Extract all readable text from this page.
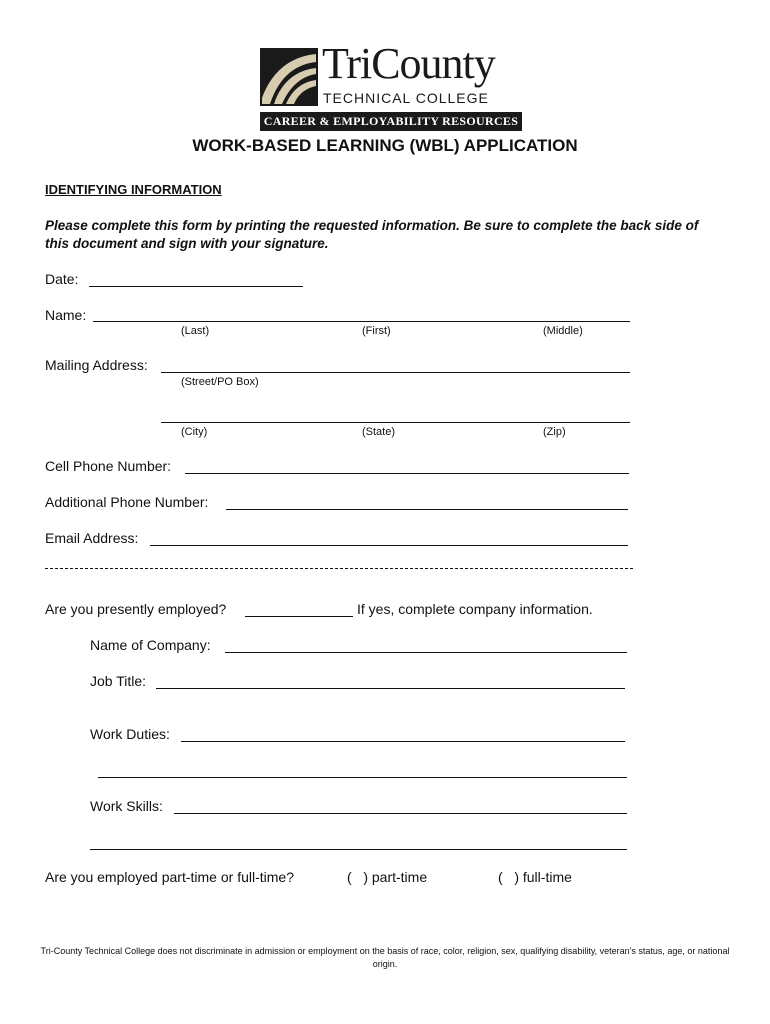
TriCounty
TECHNICAL COLLEGE
CAREER & EMPLOYABILITY RESOURCES
WORK-BASED LEARNING (WBL) APPLICATION
IDENTIFYING INFORMATION
Please complete this form by printing the requested information. Be sure to complete the back side of this document and sign with your signature.
Date:
Name:
(Last)	(First)	(Middle)
Mailing Address:
(Street/PO Box)
(City)	(State)	(Zip)
Cell Phone Number:
Additional Phone Number:
Email Address:
Are you presently employed?	If yes, complete company information.
Name of Company:
Job Title:
Work Duties:
Work Skills:
Are you employed part-time or full-time?	(   ) part-time	(   ) full-time
Tri-County Technical College does not discriminate in admission or employment on the basis of race, color, religion, sex, qualifying disability, veteran's status, age, or national origin.
